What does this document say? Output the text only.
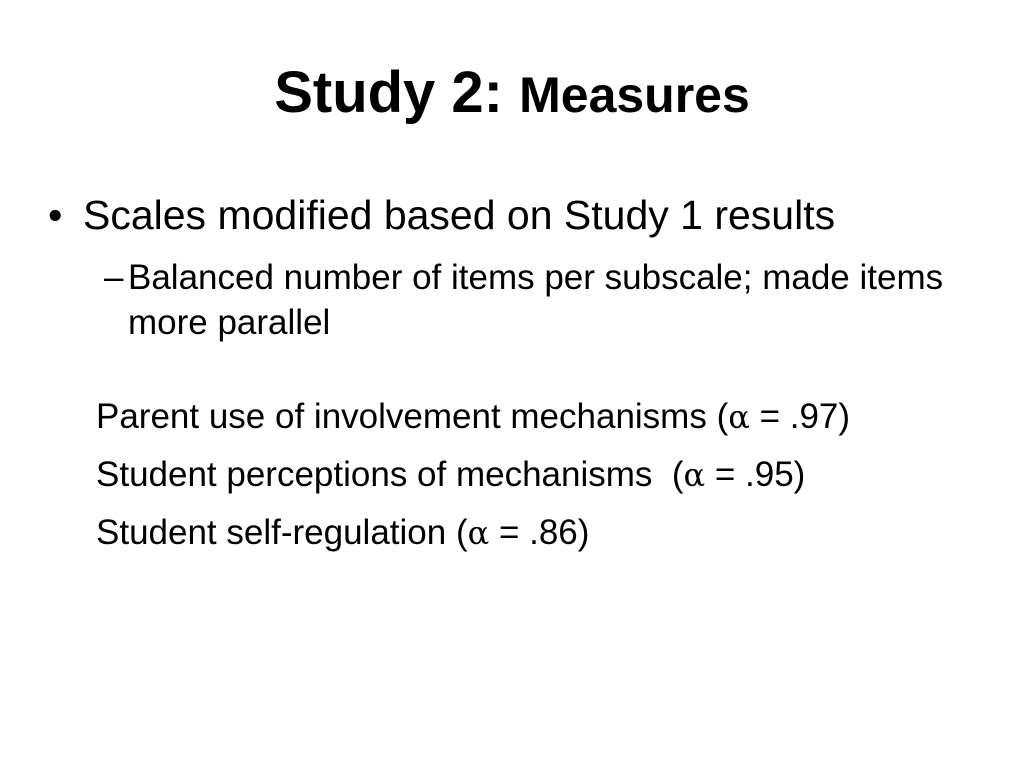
Study 2: Measures
• Scales modified based on Study 1 results
– Balanced number of items per subscale; made items more parallel
Parent use of involvement mechanisms (α = .97)
Student perceptions of mechanisms  (α = .95)
Student self-regulation (α = .86)
